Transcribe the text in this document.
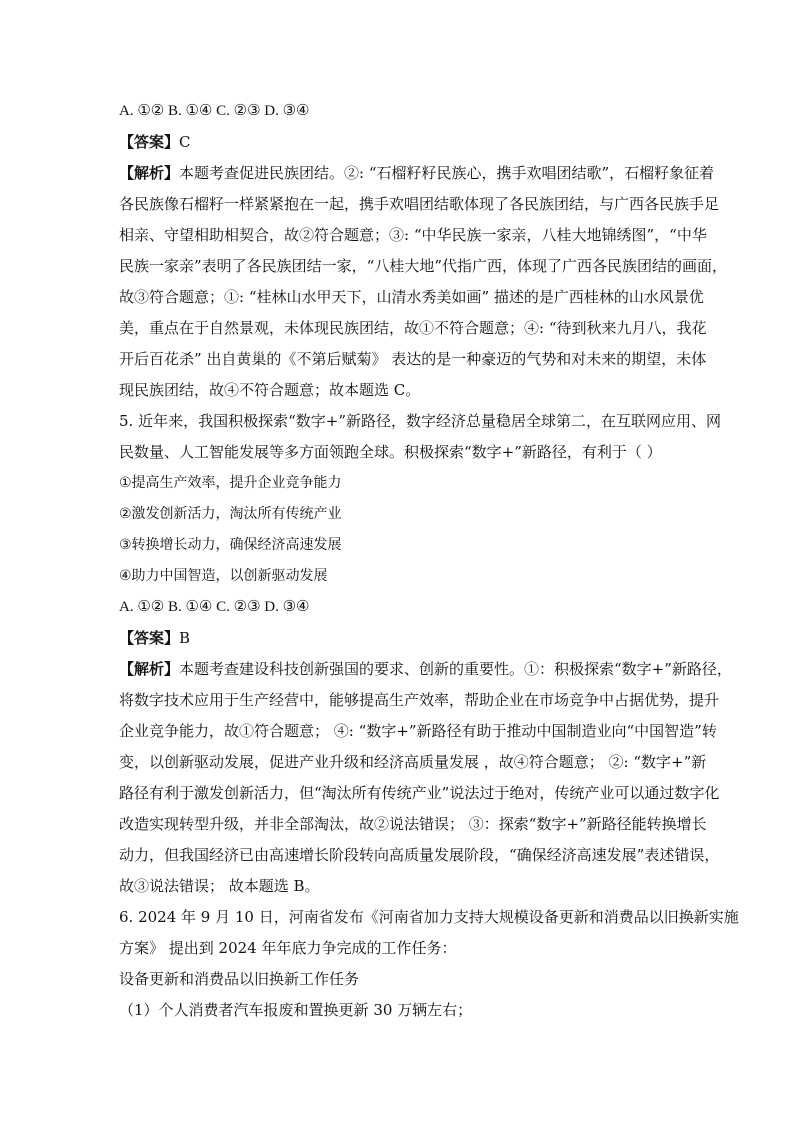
A. ①② B. ①④ C. ②③ D. ③④
【答案】C
【解析】本题考查促进民族团结。②: “石榴籽籽民族心，携手欢唱团结歌”，石榴籽象征着
各民族像石榴籽一样紧紧抱在一起，携手欢唱团结歌体现了各民族团结，与广西各民族手足
相亲、守望相助相契合，故②符合题意；③: “中华民族一家亲，八桂大地锦绣图”，“中华
民族一家亲”表明了各民族团结一家，“八桂大地”代指广西，体现了广西各民族团结的画面，
故③符合题意；①: “桂林山水甲天下，山清水秀美如画” 描述的是广西桂林的山水风景优
美，重点在于自然景观，未体现民族团结，故①不符合题意；④: “待到秋来九月八，我花
开后百花杀” 出自黄巢的《不第后赋菊》 表达的是一种豪迈的气势和对未来的期望，未体
现民族团结，故④不符合题意；故本题选 C。
5. 近年来，我国积极探索“数字+”新路径，数字经济总量稳居全球第二，在互联网应用、网
民数量、人工智能发展等多方面领跑全球。积极探索“数字+”新路径，有利于（ ）
①提高生产效率，提升企业竞争能力
②激发创新活力，淘汰所有传统产业
③转换增长动力，确保经济高速发展
④助力中国智造，以创新驱动发展
A. ①② B. ①④ C. ②③ D. ③④
【答案】B
【解析】本题考查建设科技创新强国的要求、创新的重要性。①：积极探索“数字+”新路径，
将数字技术应用于生产经营中，能够提高生产效率，帮助企业在市场竞争中占据优势，提升
企业竞争能力，故①符合题意； ④: “数字+”新路径有助于推动中国制造业向“中国智造”转
变，以创新驱动发展，促进产业升级和经济高质量发展 ，故④符合题意； ②: “数字+”新
路径有利于激发创新活力，但“淘汰所有传统产业”说法过于绝对，传统产业可以通过数字化
改造实现转型升级，并非全部淘汰，故②说法错误； ③：探索“数字+”新路径能转换增长
动力，但我国经济已由高速增长阶段转向高质量发展阶段，“确保经济高速发展”表述错误，
故③说法错误； 故本题选 B。
6. 2024 年 9 月 10 日，河南省发布《河南省加力支持大规模设备更新和消费品以旧换新实施
方案》 提出到 2024 年年底力争完成的工作任务：
设备更新和消费品以旧换新工作任务
（1）个人消费者汽车报废和置换更新 30 万辆左右；
